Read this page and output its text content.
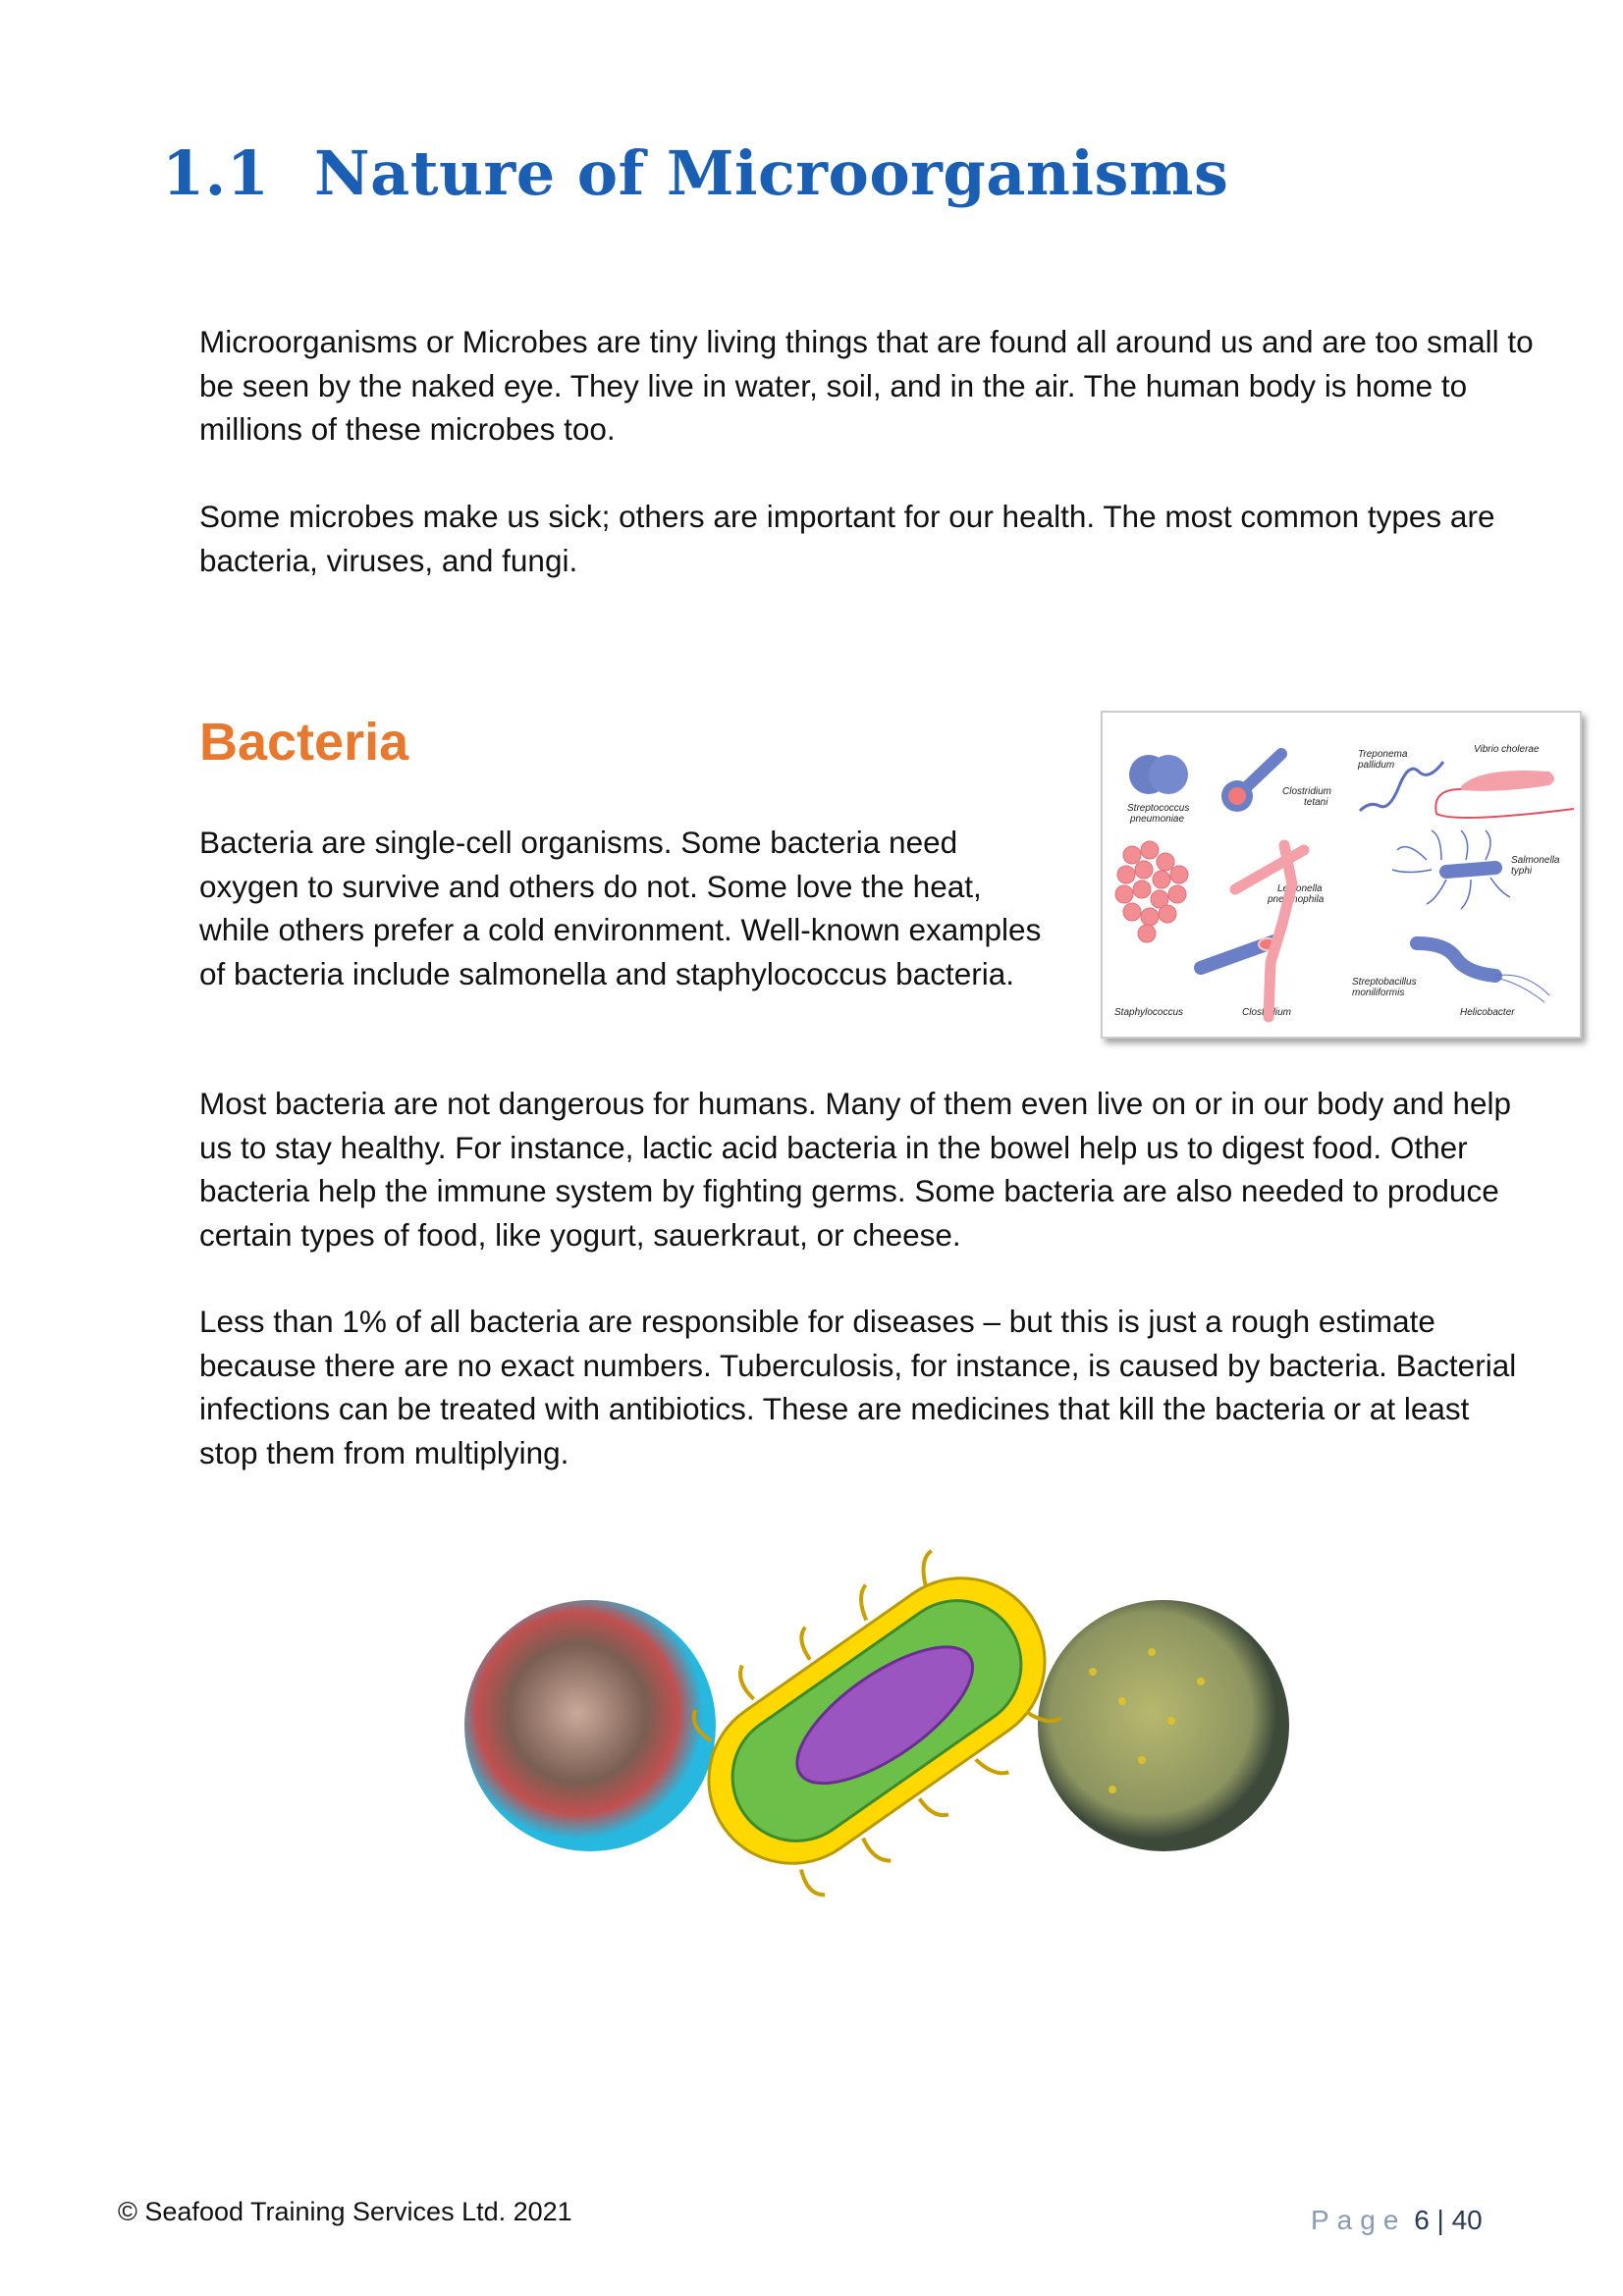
1.1 Nature of Microorganisms
Microorganisms or Microbes are tiny living things that are found all around us and are too small to be seen by the naked eye. They live in water, soil, and in the air. The human body is home to millions of these microbes too.
Some microbes make us sick; others are important for our health. The most common types are bacteria, viruses, and fungi.
Bacteria
Bacteria are single-cell organisms. Some bacteria need oxygen to survive and others do not. Some love the heat, while others prefer a cold environment. Well-known examples of bacteria include salmonella and staphylococcus bacteria.
Most bacteria are not dangerous for humans. Many of them even live on or in our body and help us to stay healthy. For instance, lactic acid bacteria in the bowel help us to digest food. Other bacteria help the immune system by fighting germs. Some bacteria are also needed to produce certain types of food, like yogurt, sauerkraut, or cheese.
Less than 1% of all bacteria are responsible for diseases – but this is just a rough estimate because there are no exact numbers. Tuberculosis, for instance, is caused by bacteria. Bacterial infections can be treated with antibiotics. These are medicines that kill the bacteria or at least stop them from multiplying.
Streptococcus
pneumoniae
Clostridium
tetani
Treponema
pallidum
Vibrio cholerae
Legionella
pneumophila
Staphylococcus	Clostridium
Streptobacillus
moniliformis
Salmonella
typhi
Helicobacter
© Seafood Training Services Ltd. 2021	Page 6 | 40
